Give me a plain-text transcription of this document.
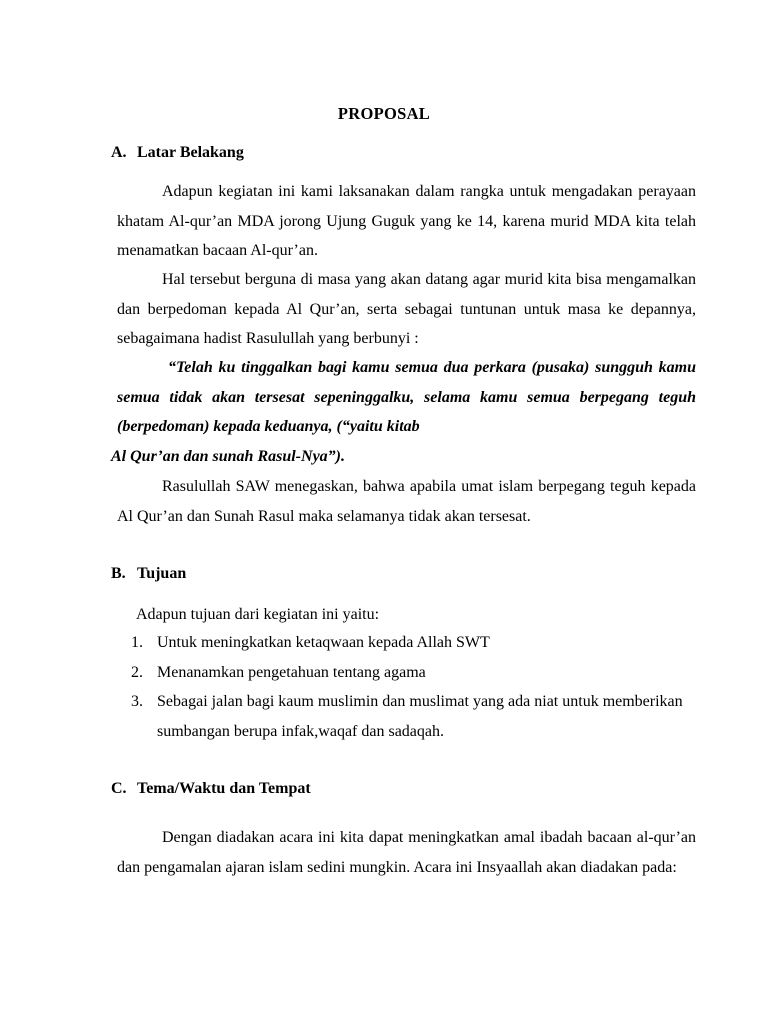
PROPOSAL
A. Latar Belakang

Adapun kegiatan ini kami laksanakan dalam rangka untuk mengadakan perayaan khatam Al-qur’an MDA jorong Ujung Guguk yang ke 14, karena murid MDA kita telah menamatkan bacaan Al-qur’an.

Hal tersebut berguna di masa yang akan datang agar murid kita bisa mengamalkan dan berpedoman kepada Al Qur’an, serta sebagai tuntunan untuk masa ke depannya, sebagaimana hadist Rasulullah yang berbunyi :

“Telah ku tinggalkan bagi kamu semua dua perkara (pusaka) sungguh kamu semua tidak akan tersesat sepeninggalku, selama kamu semua berpegang teguh (berpedoman) kepada keduanya, (“yaitu kitab

Al Qur’an dan sunah Rasul-Nya”).

Rasulullah SAW menegaskan, bahwa apabila umat islam berpegang teguh kepada Al Qur’an dan Sunah Rasul maka selamanya tidak akan tersesat.

B. Tujuan
Adapun tujuan dari kegiatan ini yaitu:
1. Untuk meningkatkan ketaqwaan kepada Allah SWT
2. Menanamkan pengetahuan tentang agama
3. Sebagai jalan bagi kaum muslimin dan muslimat yang ada niat untuk memberikan sumbangan berupa infak,waqaf dan sadaqah.
C. Tema/Waktu dan Tempat

Dengan diadakan acara ini kita dapat meningkatkan amal ibadah bacaan al-qur’an dan pengamalan ajaran islam sedini mungkin. Acara ini Insyaallah akan diadakan pada:
